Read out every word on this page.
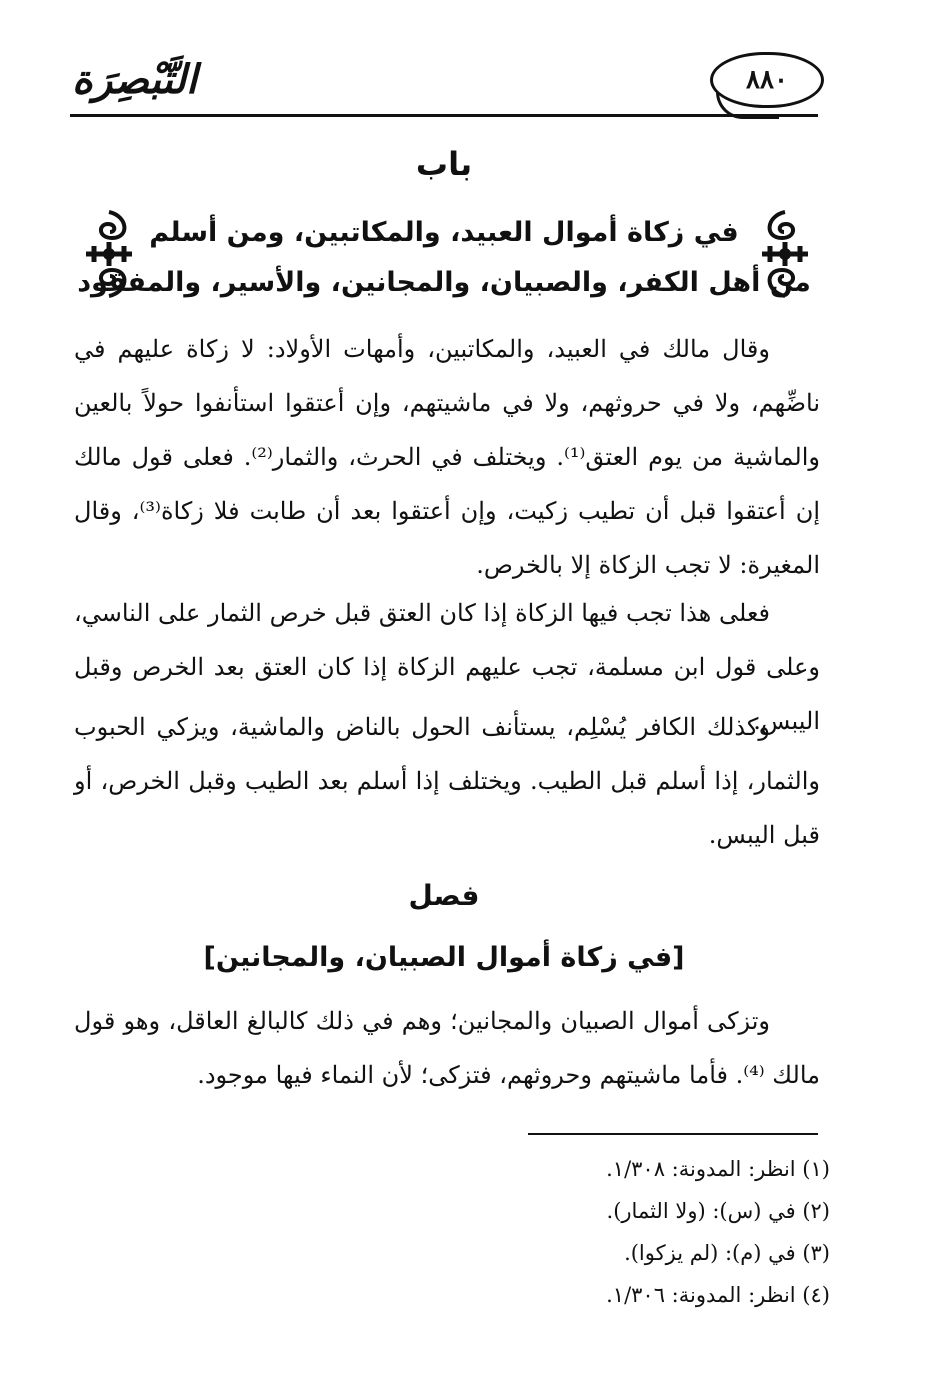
التَّبْصِرَة	٨٨٠
باب
في زكاة أموال العبيد، والمكاتبين، ومن أسلم
من أهل الكفر، والصبيان، والمجانين، والأسير، والمفقود

وقال مالك في العبيد، والمكاتبين، وأمهات الأولاد: لا زكاة عليهم في ناضِّهم، ولا في حروثهم، ولا في ماشيتهم، وإن أعتقوا استأنفوا حولاً بالعين والماشية من يوم العتق⁽¹⁾. ويختلف في الحرث، والثمار⁽²⁾. فعلى قول مالك إن أعتقوا قبل أن تطيب زكيت، وإن أعتقوا بعد أن طابت فلا زكاة⁽³⁾، وقال المغيرة: لا تجب الزكاة إلا بالخرص.

فعلى هذا تجب فيها الزكاة إذا كان العتق قبل خرص الثمار على الناسي، وعلى قول ابن مسلمة، تجب عليهم الزكاة إذا كان العتق بعد الخرص وقبل اليبس.

وكذلك الكافر يُسْلِم، يستأنف الحول بالناض والماشية، ويزكي الحبوب والثمار، إذا أسلم قبل الطيب. ويختلف إذا أسلم بعد الطيب وقبل الخرص، أو قبل اليبس.

فصل
[في زكاة أموال الصبيان، والمجانين]

وتزكى أموال الصبيان والمجانين؛ وهم في ذلك كالبالغ العاقل، وهو قول مالك ⁽⁴⁾. فأما ماشيتهم وحروثهم، فتزكى؛ لأن النماء فيها موجود.

(١) انظر: المدونة: ١/٣٠٨.
(٢) في (س): (ولا الثمار).
(٣) في (م): (لم يزكوا).
(٤) انظر: المدونة: ١/٣٠٦.
